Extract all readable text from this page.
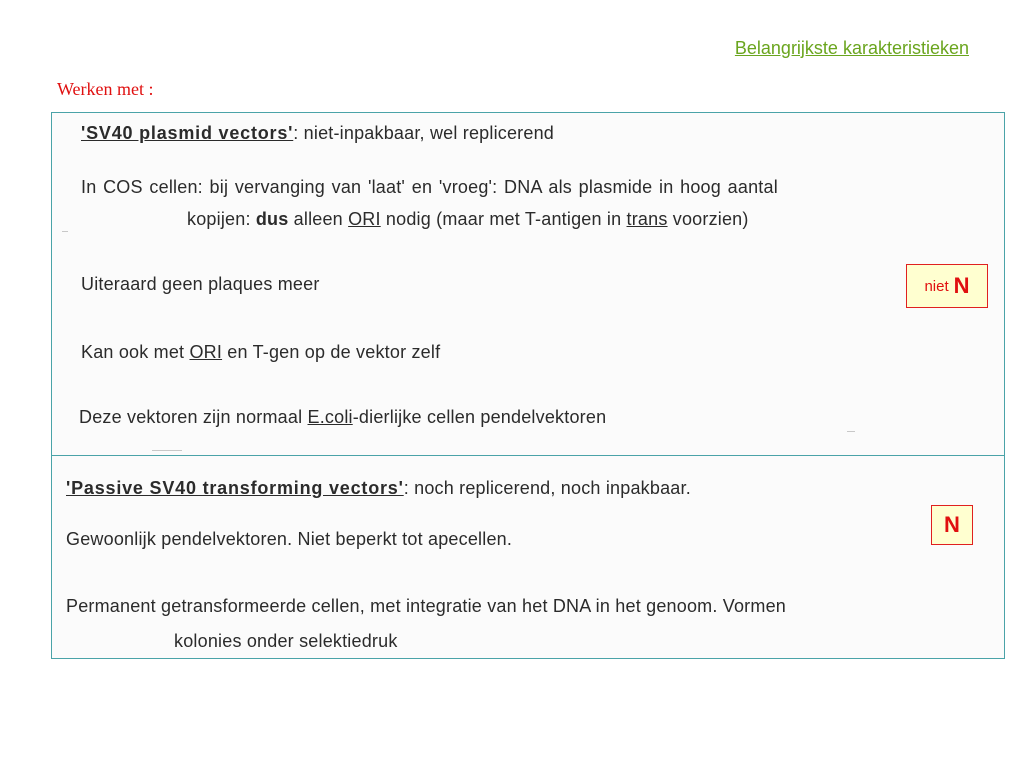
Belangrijkste karakteristieken
Werken met :
'SV40 plasmid vectors': niet-inpakbaar, wel replicerend
In COS cellen: bij vervanging van 'laat' en 'vroeg': DNA als plasmide in hoog aantal
kopijen: dus alleen ORI nodig (maar met T-antigen in trans voorzien)
Uiteraard geen plaques meer
Kan ook met ORI en T-gen op de vektor zelf
Deze vektoren zijn normaal E.coli-dierlijke cellen pendelvektoren
niet N
'Passive SV40 transforming vectors': noch replicerend, noch inpakbaar.
Gewoonlijk pendelvektoren. Niet beperkt tot apecellen.
Permanent getransformeerde cellen, met integratie van het DNA in het genoom. Vormen
kolonies onder selektiedruk
N
